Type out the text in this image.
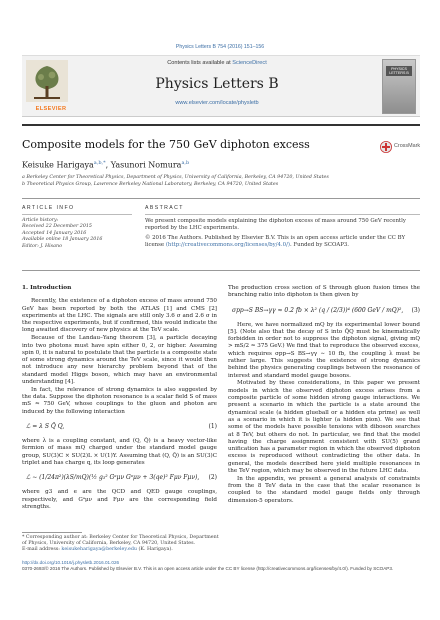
Physics Letters B 754 (2016) 151–156
ELSEVIER
Contents lists available at ScienceDirect
Physics Letters B
www.elsevier.com/locate/physletb
PHYSICS LETTERS B
Composite models for the 750 GeV diphoton excess	CrossMark
Keisuke Harigaya$^{a,b,*}$, Yasunori Nomura$^{a,b}$
a Berkeley Center for Theoretical Physics, Department of Physics, University of California, Berkeley, CA 94720, United States
b Theoretical Physics Group, Lawrence Berkeley National Laboratory, Berkeley, CA 94720, United States
ARTICLE INFO
Article history:
Received 22 December 2015
Accepted 14 January 2016
Available online 18 January 2016
Editor: J. Hisano
ABSTRACT

We present composite models explaining the diphoton excess of mass around 750 GeV recently reported by the LHC experiments.

© 2016 The Authors. Published by Elsevier B.V. This is an open access article under the CC BY license (http://creativecommons.org/licenses/by/4.0/). Funded by SCOAP3.

1. Introduction

Recently, the existence of a diphoton excess of mass around 750 GeV has been reported by both the ATLAS [1] and CMS [2] experiments at the LHC. The signals are still only 3.6 σ and 2.6 σ in the respective experiments, but if confirmed, this would indicate the long awaited discovery of new physics at the TeV scale.

Because of the Landau–Yang theorem [3], a particle decaying into two photons must have spin either 0, 2, or higher. Assuming spin 0, it is natural to postulate that the particle is a composite state of some strong dynamics around the TeV scale, since it would then not introduce any new hierarchy problem beyond that of the standard model Higgs boson, which may have an environmental understanding [4].

In fact, the relevance of strong dynamics is also suggested by the data. Suppose the diphoton resonance is a scalar field S of mass mS ≈ 750 GeV, whose couplings to the gluon and photon are induced by the following interaction

ℒ = λ S Q̄ Q,	(1)

where λ is a coupling constant, and (Q, Q̄) is a heavy vector-like fermion of mass mQ charged under the standard model gauge group, SU(3)C × SU(2)L × U(1)Y. Assuming that (Q, Q̄) is an SU(3)C triplet and has charge q, its loop generates

ℒ ∼ (1/24π²)(λS/mQ)(½ g₃² Gᵃμν Gᵃμν + 3(qe)² Fμν Fμν), (2)

where g3 and e are the QCD and QED gauge couplings, respectively, and Gᵃμν and Fμν are the corresponding field strengths.

The production cross section of S through gluon fusion times the branching ratio into diphoton is then given by

σpp→S BS→γγ ≈ 0.2 fb × λ² (q / (2/3))⁴ (600 GeV / mQ)², (3)

Here, we have normalized mQ by its experimental lower bound [5]. (Note also that the decay of S into Q̄Q must be kinematically forbidden in order not to suppress the diphoton signal, giving mQ > mS/2 ≃ 375 GeV.) We find that to reproduce the observed excess, which requires σpp→S BS→γγ ∼ 10 fb, the coupling λ must be rather large. This suggests the existence of strong dynamics behind the physics generating couplings between the resonance of interest and standard model gauge bosons.

Motivated by these considerations, in this paper we present models in which the observed diphoton excess arises from a composite particle of some hidden strong gauge interactions. We present a scenario in which the particle is a state around the dynamical scale (a hidden glueball or a hidden eta prime) as well as a scenario in which it is lighter (a hidden pion). We see that some of the models have possible tensions with diboson searches at 8 TeV, but others do not. In particular, we find that the model having the charge assignment consistent with SU(5) grand unification has a parameter region in which the observed diphoton excess is reproduced without contradicting the other data. In general, the models described here yield multiple resonances in the TeV region, which may be observed in the future LHC data.

In the appendix, we present a general analysis of constraints from the 8 TeV data in the case that the scalar resonance is coupled to the standard model gauge fields only through dimension-5 operators.

* Corresponding author at: Berkeley Center for Theoretical Physics, Department of Physics, University of California, Berkeley, CA 94720, United States.
E-mail address: keisukeharigaya@berkeley.edu (K. Harigaya).
http://dx.doi.org/10.1016/j.physletb.2016.01.026
0370-2693/© 2016 The Authors. Published by Elsevier B.V. This is an open access article under the CC BY license (http://creativecommons.org/licenses/by/4.0/). Funded by SCOAP3.
